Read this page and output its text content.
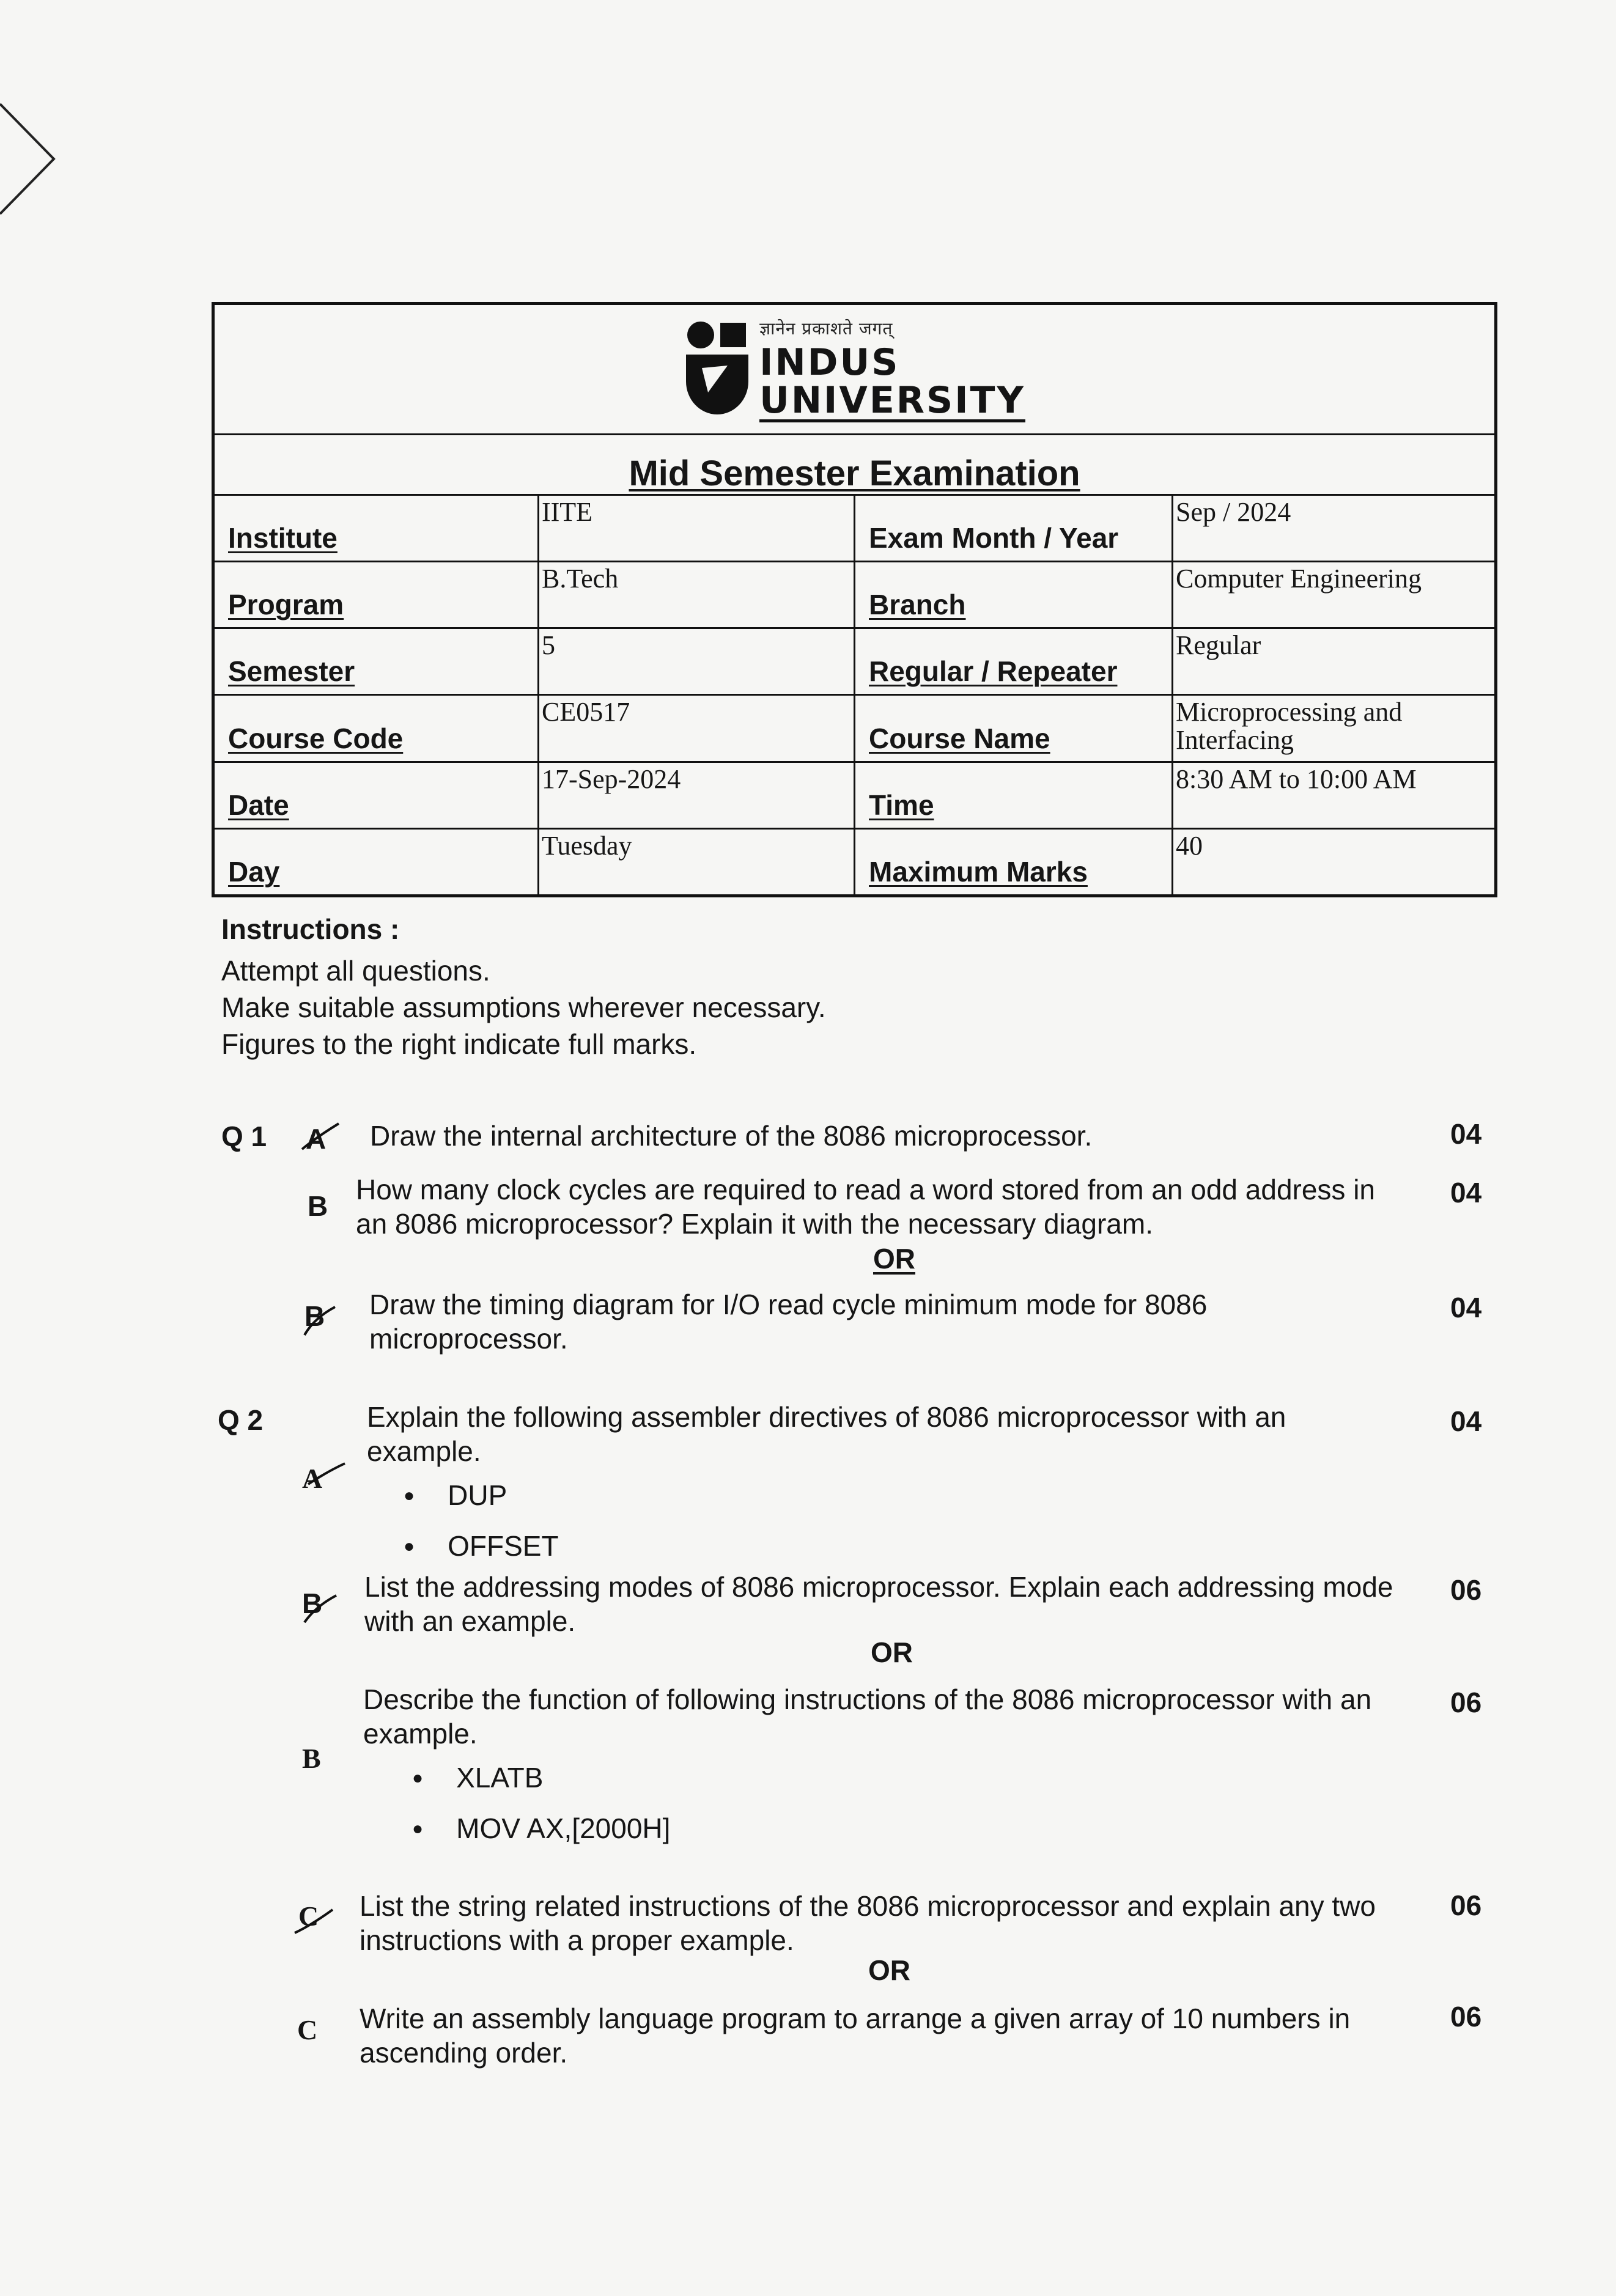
ज्ञानेन प्रकाशते जगत्
INDUS
UNIVERSITY			

Mid Semester Examination			
Institute	IITE	Exam Month / Year	Sep / 2024
Program	B.Tech	Branch	Computer Engineering
Semester	5	Regular / Repeater	Regular
Course Code	CE0517	Course Name	Microprocessing and
Interfacing

Date	17-Sep-2024	Time	8:30 AM to 10:00 AM
Day	Tuesday	Maximum Marks	40
Instructions :
Attempt all questions.
Make suitable assumptions wherever necessary.
Figures to the right indicate full marks.
Q 1 A Draw the internal architecture of the 8086 microprocessor.	04
B
How many clock cycles are required to read a word stored from an odd address in
an 8086 microprocessor? Explain it with the necessary diagram.
04
OR
B Draw the timing diagram for I/O read cycle minimum mode for 8086
microprocessor.
04
Q 2
A
Explain the following assembler directives of 8086 microprocessor with an
example.
04
● DUP
● OFFSET
B
List the addressing modes of 8086 microprocessor. Explain each addressing mode
with an example.
06
OR
B
Describe the function of following instructions of the 8086 microprocessor with an
example.
06
● XLATB
● MOV AX,[2000H]
C List the string related instructions of the 8086 microprocessor and explain any two
instructions with a proper example.
06
OR
C Write an assembly language program to arrange a given array of 10 numbers in
ascending order.
06
